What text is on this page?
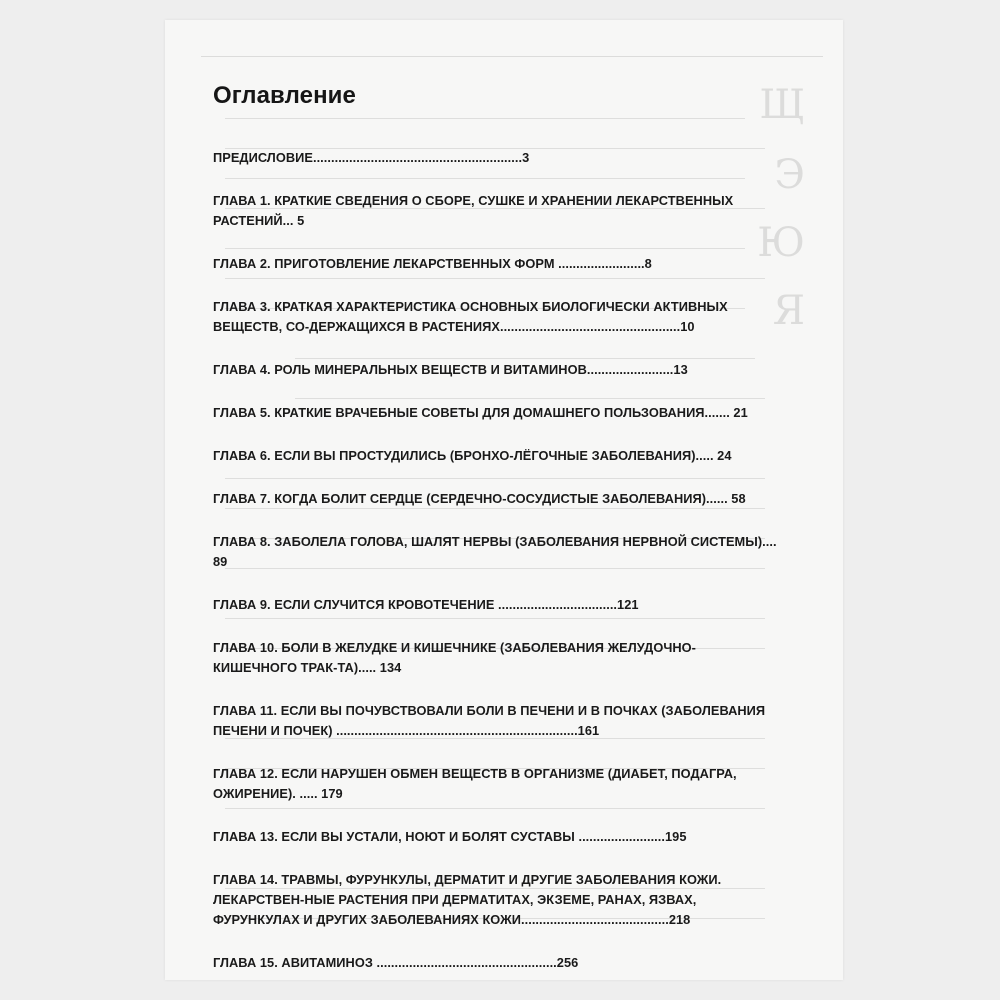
Щ
Э
Ю
Я
Оглавление
ПРЕДИСЛОВИЕ..........................................................3
ГЛАВА 1. КРАТКИЕ СВЕДЕНИЯ О СБОРЕ, СУШКЕ И ХРАНЕНИИ ЛЕКАРСТВЕННЫХ РАСТЕНИЙ... 5
ГЛАВА 2. ПРИГОТОВЛЕНИЕ ЛЕКАРСТВЕННЫХ ФОРМ ........................8
ГЛАВА 3. КРАТКАЯ ХАРАКТЕРИСТИКА ОСНОВНЫХ БИОЛОГИЧЕСКИ АКТИВНЫХ ВЕЩЕСТВ, СО-ДЕРЖАЩИХСЯ В РАСТЕНИЯХ..................................................10
ГЛАВА 4. РОЛЬ МИНЕРАЛЬНЫХ ВЕЩЕСТВ И ВИТАМИНОВ........................13
ГЛАВА 5. КРАТКИЕ ВРАЧЕБНЫЕ СОВЕТЫ ДЛЯ ДОМАШНЕГО ПОЛЬЗОВАНИЯ....... 21
ГЛАВА 6. ЕСЛИ ВЫ ПРОСТУДИЛИСЬ (БРОНХО-ЛЁГОЧНЫЕ ЗАБОЛЕВАНИЯ)..... 24
ГЛАВА 7. КОГДА БОЛИТ СЕРДЦЕ (СЕРДЕЧНО-СОСУДИСТЫЕ ЗАБОЛЕВАНИЯ)...... 58
ГЛАВА 8. ЗАБОЛЕЛА ГОЛОВА, ШАЛЯТ НЕРВЫ (ЗАБОЛЕВАНИЯ НЕРВНОЙ СИСТЕМЫ).... 89
ГЛАВА 9. ЕСЛИ СЛУЧИТСЯ КРОВОТЕЧЕНИЕ .................................121
ГЛАВА 10. БОЛИ В ЖЕЛУДКЕ И КИШЕЧНИКЕ (ЗАБОЛЕВАНИЯ ЖЕЛУДОЧНО-КИШЕЧНОГО ТРАК-ТА)..... 134
ГЛАВА 11. ЕСЛИ ВЫ ПОЧУВСТВОВАЛИ БОЛИ В ПЕЧЕНИ И В ПОЧКАХ (ЗАБОЛЕВАНИЯ ПЕЧЕНИ И ПОЧЕК) ...................................................................161
ГЛАВА 12. ЕСЛИ НАРУШЕН ОБМЕН ВЕЩЕСТВ В ОРГАНИЗМЕ (ДИАБЕТ, ПОДАГРА, ОЖИРЕНИЕ). ..... 179
ГЛАВА 13. ЕСЛИ ВЫ УСТАЛИ, НОЮТ И БОЛЯТ СУСТАВЫ ........................195
ГЛАВА 14. ТРАВМЫ, ФУРУНКУЛЫ, ДЕРМАТИТ И ДРУГИЕ ЗАБОЛЕВАНИЯ КОЖИ. ЛЕКАРСТВЕН-НЫЕ РАСТЕНИЯ ПРИ ДЕРМАТИТАХ, ЭКЗЕМЕ, РАНАХ, ЯЗВАХ, ФУРУНКУЛАХ И ДРУГИХ ЗАБОЛЕВАНИЯХ КОЖИ.........................................218
ГЛАВА 15. АВИТАМИНОЗ ..................................................256
